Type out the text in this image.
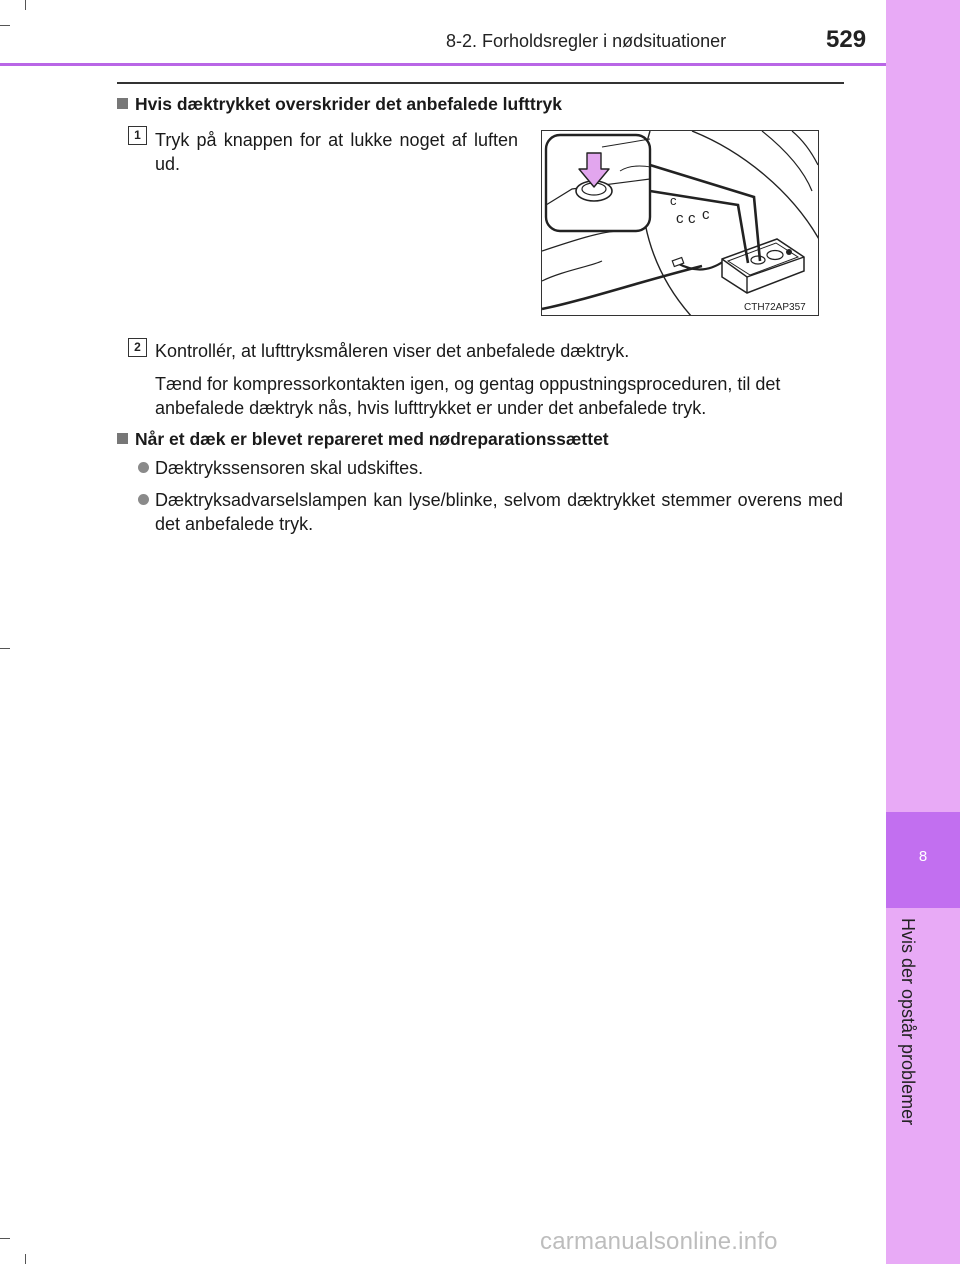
8
Hvis der opstår problemer
8-2. Forholdsregler i nødsituationer	529
Hvis dæktrykket overskrider det anbefalede lufttryk
1 Tryk på knappen for at lukke noget af luften ud.
c
c c c
CTH72AP357
2 Kontrollér, at lufttryksmåleren viser det anbefalede dæktryk.
Tænd for kompressorkontakten igen, og gentag oppustningsproceduren, til det anbefalede dæktryk nås, hvis lufttrykket er under det anbefalede tryk.
Når et dæk er blevet repareret med nødreparationssættet
Dæktrykssensoren skal udskiftes.
Dæktryksadvarselslampen kan lyse/blinke, selvom dæktrykket stemmer overens med det anbefalede tryk.
carmanualsonline.info
